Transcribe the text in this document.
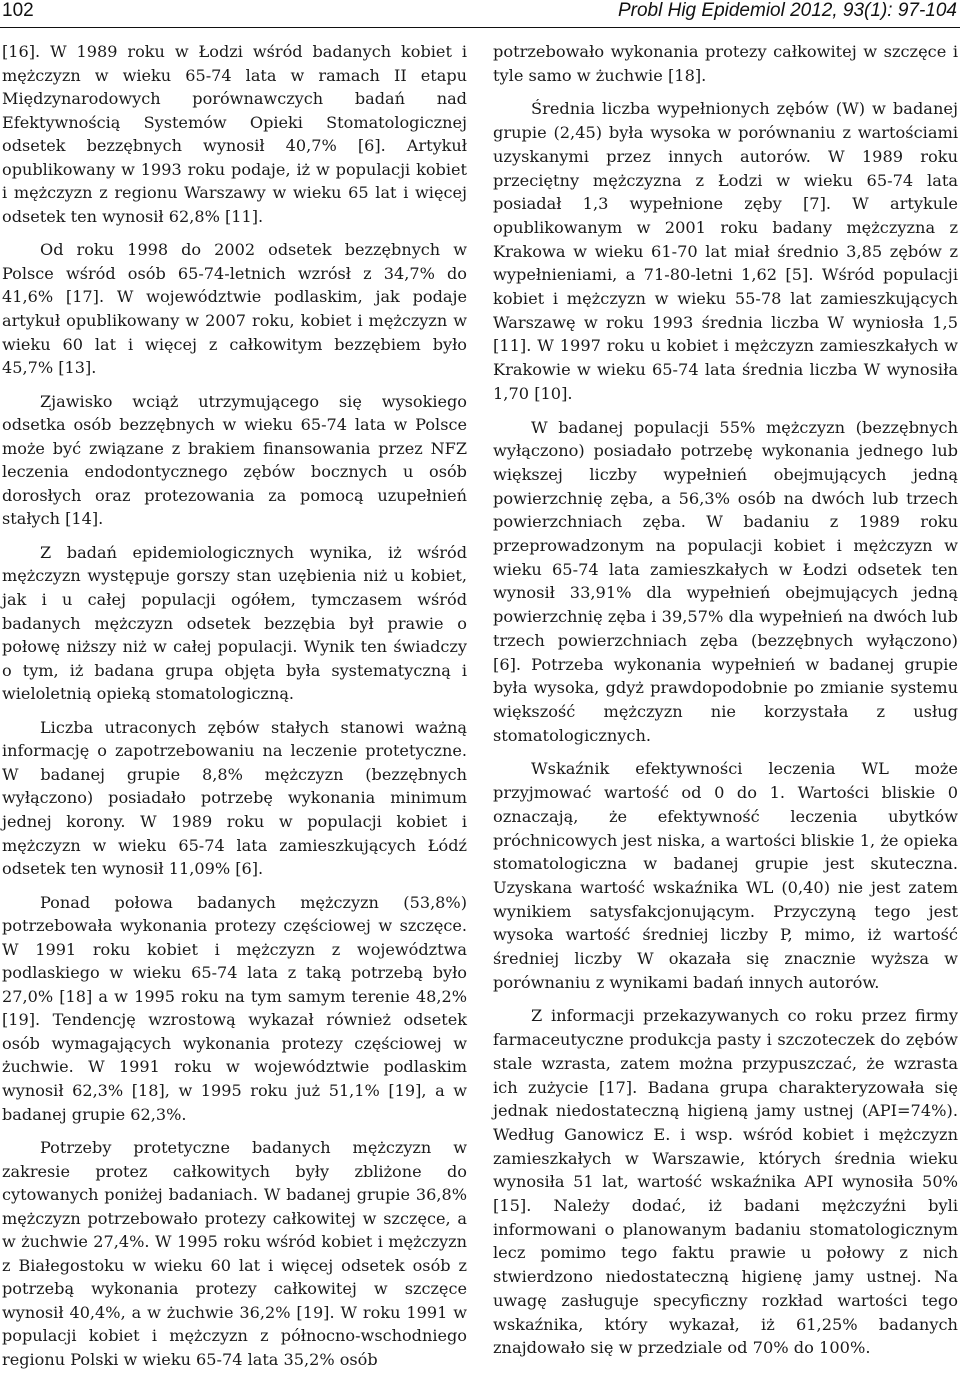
102	Probl Hig Epidemiol 2012, 93(1): 97-104

[16]. W 1989 roku w Łodzi wśród badanych kobiet i mężczyzn w wieku 65-74 lata w ramach II etapu Międzynarodowych porównawczych badań nad Efektywnością Systemów Opieki Stomatologicznej odsetek bezzębnych wynosił 40,7% [6]. Artykuł opublikowany w 1993 roku podaje, iż w populacji kobiet i mężczyzn z regionu Warszawy w wieku 65 lat i więcej odsetek ten wynosił 62,8% [11].

Od roku 1998 do 2002 odsetek bezzębnych w Polsce wśród osób 65-74-letnich wzrósł z 34,7% do 41,6% [17]. W województwie podlaskim, jak podaje artykuł opublikowany w 2007 roku, kobiet i mężczyzn w wieku 60 lat i więcej z całkowitym bezzębiem było 45,7% [13].

Zjawisko wciąż utrzymującego się wysokiego odsetka osób bezzębnych w wieku 65-74 lata w Polsce może być związane z brakiem finansowania przez NFZ leczenia endodontycznego zębów bocznych u osób dorosłych oraz protezowania za pomocą uzupełnień stałych [14].

Z badań epidemiologicznych wynika, iż wśród mężczyzn występuje gorszy stan uzębienia niż u kobiet, jak i u całej populacji ogółem, tymczasem wśród badanych mężczyzn odsetek bezzębia był prawie o połowę niższy niż w całej populacji. Wynik ten świadczy o tym, iż badana grupa objęta była systematyczną i wieloletnią opieką stomatologiczną.

Liczba utraconych zębów stałych stanowi ważną informację o zapotrzebowaniu na leczenie protetyczne. W badanej grupie 8,8% mężczyzn (bezzębnych wyłączono) posiadało potrzebę wykonania minimum jednej korony. W 1989 roku w populacji kobiet i mężczyzn w wieku 65-74 lata zamieszkujących Łódź odsetek ten wynosił 11,09% [6].

Ponad połowa badanych mężczyzn (53,8%) potrzebowała wykonania protezy częściowej w szczęce. W 1991 roku kobiet i mężczyzn z województwa podlaskiego w wieku 65-74 lata z taką potrzebą było 27,0% [18] a w 1995 roku na tym samym terenie 48,2% [19]. Tendencję wzrostową wykazał również odsetek osób wymagających wykonania protezy częściowej w żuchwie. W 1991 roku w województwie podlaskim wynosił 62,3% [18], w 1995 roku już 51,1% [19], a w badanej grupie 62,3%.

Potrzeby protetyczne badanych mężczyzn w zakresie protez całkowitych były zbliżone do cytowanych poniżej badaniach. W badanej grupie 36,8% mężczyzn potrzebowało protezy całkowitej w szczęce, a w żuchwie 27,4%. W 1995 roku wśród kobiet i mężczyzn z Białegostoku w wieku 60 lat i więcej odsetek osób z potrzebą wykonania protezy całkowitej w szczęce wynosił 40,4%, a w żuchwie 36,2% [19]. W roku 1991 w populacji kobiet i mężczyzn z północno-wschodniego regionu Polski w wieku 65-74 lata 35,2% osób

potrzebowało wykonania protezy całkowitej w szczęce i tyle samo w żuchwie [18].

Średnia liczba wypełnionych zębów (W) w badanej grupie (2,45) była wysoka w porównaniu z wartościami uzyskanymi przez innych autorów. W 1989 roku przeciętny mężczyzna z Łodzi w wieku 65-74 lata posiadał 1,3 wypełnione zęby [7]. W artykule opublikowanym w 2001 roku badany mężczyzna z Krakowa w wieku 61-70 lat miał średnio 3,85 zębów z wypełnieniami, a 71-80-letni 1,62 [5]. Wśród populacji kobiet i mężczyzn w wieku 55-78 lat zamieszkujących Warszawę w roku 1993 średnia liczba W wyniosła 1,5 [11]. W 1997 roku u kobiet i mężczyzn zamieszkałych w Krakowie w wieku 65-74 lata średnia liczba W wynosiła 1,70 [10].

W badanej populacji 55% mężczyzn (bezzębnych wyłączono) posiadało potrzebę wykonania jednego lub większej liczby wypełnień obejmujących jedną powierzchnię zęba, a 56,3% osób na dwóch lub trzech powierzchniach zęba. W badaniu z 1989 roku przeprowadzonym na populacji kobiet i mężczyzn w wieku 65-74 lata zamieszkałych w Łodzi odsetek ten wynosił 33,91% dla wypełnień obejmujących jedną powierzchnię zęba i 39,57% dla wypełnień na dwóch lub trzech powierzchniach zęba (bezzębnych wyłączono) [6]. Potrzeba wykonania wypełnień w badanej grupie była wysoka, gdyż prawdopodobnie po zmianie systemu większość mężczyzn nie korzystała z usług stomatologicznych.

Wskaźnik efektywności leczenia WL może przyjmować wartość od 0 do 1. Wartości bliskie 0 oznaczają, że efektywność leczenia ubytków próchnicowych jest niska, a wartości bliskie 1, że opieka stomatologiczna w badanej grupie jest skuteczna. Uzyskana wartość wskaźnika WL (0,40) nie jest zatem wynikiem satysfakcjonującym. Przyczyną tego jest wysoka wartość średniej liczby P, mimo, iż wartość średniej liczby W okazała się znacznie wyższa w porównaniu z wynikami badań innych autorów.

Z informacji przekazywanych co roku przez firmy farmaceutyczne produkcja pasty i szczoteczek do zębów stale wzrasta, zatem można przypuszczać, że wzrasta ich zużycie [17]. Badana grupa charakteryzowała się jednak niedostateczną higieną jamy ustnej (API=74%). Według Ganowicz E. i wsp. wśród kobiet i mężczyzn zamieszkałych w Warszawie, których średnia wieku wynosiła 51 lat, wartość wskaźnika API wynosiła 50% [15]. Należy dodać, iż badani mężczyźni byli informowani o planowanym badaniu stomatologicznym lecz pomimo tego faktu prawie u połowy z nich stwierdzono niedostateczną higienę jamy ustnej. Na uwagę zasługuje specyficzny rozkład wartości tego wskaźnika, który wykazał, iż 61,25% badanych znajdowało się w przedziale od 70% do 100%.
